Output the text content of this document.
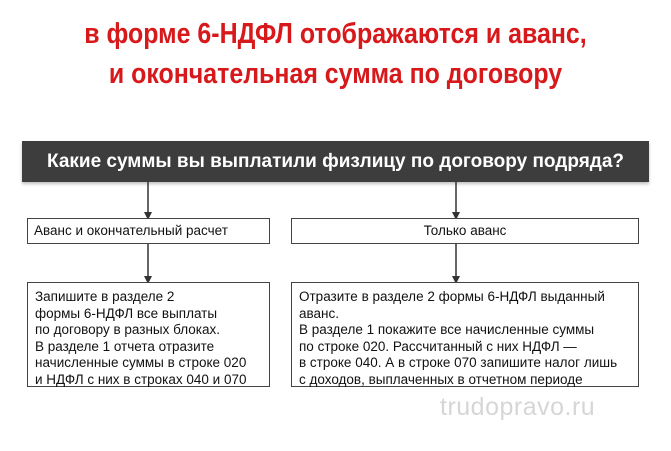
в форме 6-НДФЛ отображаются и аванс,
и окончательная сумма по договору
Какие суммы вы выплатили физлицу по договору подряда?
Аванс и окончательный расчет	Только аванс
Запишите в разделе 2
формы 6-НДФЛ все выплаты
по договору в разных блоках.
В разделе 1 отчета отразите
начисленные суммы в строке 020
и НДФЛ с них в строках 040 и 070
Отразите в разделе 2 формы 6-НДФЛ выданный
аванс.
В разделе 1 покажите все начисленные суммы
по строке 020. Рассчитанный с них НДФЛ —
в строке 040. А в строке 070 запишите налог лишь
с доходов, выплаченных в отчетном периоде
trudopravo.ru
